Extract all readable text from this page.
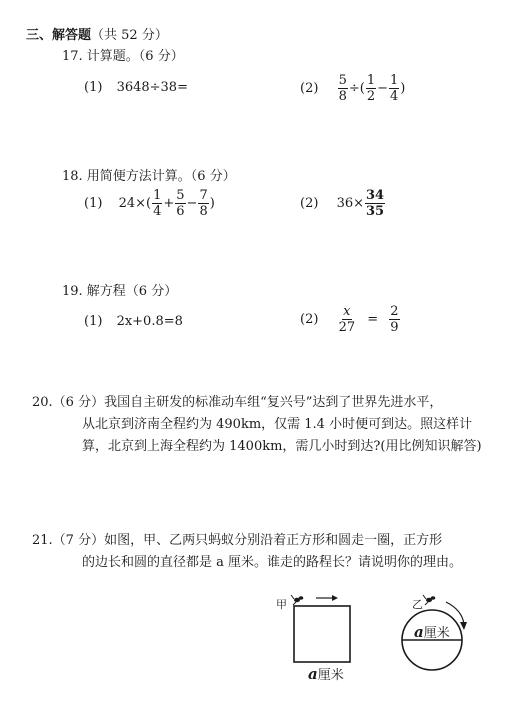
三、解答题（共 52 分）
17. 计算题。（6 分）
(1) 3648÷38=	$(2) \frac{5}{8}$ ÷( $\frac{1}{2} - \frac{1}{4}$ )
18. 用简便方法计算。（6 分）
(1) $24\times( \frac{1}{4} + \frac{5}{6} - \frac{7}{8}$ )	(2) $36\times \frac{34}{35}$
19. 解方程（6 分）
(1) 2x+0.8=8	$(2) \frac{x}{27} = \frac{2}{9}$
20.（6 分）我国自主研发的标准动车组“复兴号”达到了世界先进水平，
从北京到济南全程约为 490km，仅需 1.4 小时便可到达。照这样计
算，北京到上海全程约为 1400km，需几小时到达?(用比例知识解答)
21.（7 分）如图，甲、乙两只蚂蚁分别沿着正方形和圆走一圈，正方形
的边长和圆的直径都是 a 厘米。谁走的路程长？请说明你的理由。
甲
a厘米
乙
a厘米
